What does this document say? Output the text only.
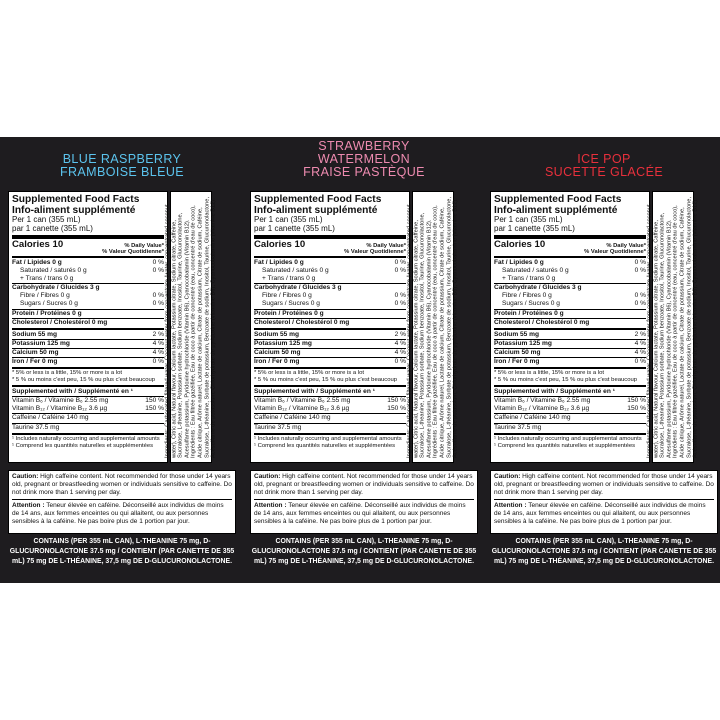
BLUE RASPBERRY
FRAMBOISE BLEUE
Supplemented Food Facts
Info-aliment supplémenté
Per 1 can (355 mL)
par 1 canette (355 mL)
Calories 10	% Daily Value*
% Valeur Quotidienne*
Fat / Lipides 0 g	0 %
Saturated / saturés 0 g	0 %
+ Trans / trans 0 g
Carbohydrate / Glucides 3 g
Fibre / Fibres 0 g	0 %
Sugars / Sucres 0 g	0 %
Protein / Protéines 0 g
Cholesterol / Cholestérol 0 mg
Sodium 55 mg	2 %
Potassium 125 mg	4 %
Calcium 50 mg	4 %
Iron / Fer 0 mg	0 %
* 5% or less is a little, 15% or more is a lot
* 5 % ou moins c'est peu, 15 % ou plus c'est beaucoup
Supplemented with / Supplémenté en ¹
Vitamin B₆ / Vitamine B₆ 2.55 mg	150 %
Vitamin B₁₂ / Vitamine B₁₂ 3.6 µg	150 %
Caffeine / Caféine 140 mg
Taurine 37.5 mg
¹ Includes naturally occurring and supplemental amounts
¹ Comprend les quantités naturelles et supplémentées	Ingredients: Carbonated filtered water, Coconut water from concentrate (water, concentrated coconut water), Citric acid, Natural flavour, Calcium lactate, Potassium citrate, Sodium citrate, Caffeine, Sucralose, L-theanine, Potassium sorbate, Sodium benzoate, Inositol, Taurine, Glucuronolactone, Acesulfame potassium, Pyridoxine hydrochloride (Vitamin B6), Cyanocobalamin (Vitamin B12). Ingrédients : Eau filtrée gazéifiée, Eau de coco à partir de concentré (eau, concentré d'eau de coco), Acide citrique, Arôme naturel, Lactate de calcium, Citrate de potassium, Citrate de sodium, Caféine, Sucralose, L-théanine, Sorbate de potassium, Benzoate de sodium, Inositol, Taurine, Glucuronolactone, Acésulfame de potassium, Chlorhydrate de pyridoxine (vitamine B6), Cyanocobalamine (vitamine B12).
Caution: High caffeine content. Not recommended for those under 14 years old, pregnant or breastfeeding women or individuals sensitive to caffeine. Do not drink more than 1 serving per day.
Attention : Teneur élevée en caféine. Déconseillé aux individus de moins de 14 ans, aux femmes enceintes ou qui allaitent, ou aux personnes sensibles à la caféine. Ne pas boire plus de 1 portion par jour.
CONTAINS (PER 355 mL CAN), L-THEANINE 75 mg, D-GLUCURONOLACTONE 37.5 mg / CONTIENT (PAR CANETTE DE 355 mL) 75 mg DE L-THÉANINE, 37,5 mg DE D-GLUCURONOLACTONE.
STRAWBERRY
WATERMELON
FRAISE PASTÈQUE
Supplemented Food Facts
Info-aliment supplémenté
Per 1 can (355 mL)
par 1 canette (355 mL)
Calories 10	% Daily Value*
% Valeur Quotidienne*
Fat / Lipides 0 g	0 %
Saturated / saturés 0 g	0 %
+ Trans / trans 0 g
Carbohydrate / Glucides 3 g
Fibre / Fibres 0 g	0 %
Sugars / Sucres 0 g	0 %
Protein / Protéines 0 g
Cholesterol / Cholestérol 0 mg
Sodium 55 mg	2 %
Potassium 125 mg	4 %
Calcium 50 mg	4 %
Iron / Fer 0 mg	0 %
* 5% or less is a little, 15% or more is a lot
* 5 % ou moins c'est peu, 15 % ou plus c'est beaucoup
Supplemented with / Supplémenté en ¹
Vitamin B₆ / Vitamine B₆ 2.55 mg	150 %
Vitamin B₁₂ / Vitamine B₁₂ 3.6 µg	150 %
Caffeine / Caféine 140 mg
Taurine 37.5 mg
¹ Includes naturally occurring and supplemental amounts
¹ Comprend les quantités naturelles et supplémentées	Ingredients: Carbonated filtered water, Coconut water from concentrate (water, concentrated coconut water), Citric acid, Natural flavour, Calcium lactate, Potassium citrate, Sodium citrate, Caffeine, Sucralose, L-theanine, Potassium sorbate, Sodium benzoate, Inositol, Taurine, Glucuronolactone, Acesulfame potassium, Pyridoxine hydrochloride (Vitamin B6), Cyanocobalamin (Vitamin B12). Ingrédients : Eau filtrée gazéifiée, Eau de coco à partir de concentré (eau, concentré d'eau de coco), Acide citrique, Arôme naturel, Lactate de calcium, Citrate de potassium, Citrate de sodium, Caféine, Sucralose, L-théanine, Sorbate de potassium, Benzoate de sodium, Inositol, Taurine, Glucuronolactone, Acésulfame de potassium, Chlorhydrate de pyridoxine (vitamine B6), Cyanocobalamine (vitamine B12).
Caution: High caffeine content. Not recommended for those under 14 years old, pregnant or breastfeeding women or individuals sensitive to caffeine. Do not drink more than 1 serving per day.
Attention : Teneur élevée en caféine. Déconseillé aux individus de moins de 14 ans, aux femmes enceintes ou qui allaitent, ou aux personnes sensibles à la caféine. Ne pas boire plus de 1 portion par jour.
CONTAINS (PER 355 mL CAN), L-THEANINE 75 mg, D-GLUCURONOLACTONE 37.5 mg / CONTIENT (PAR CANETTE DE 355 mL) 75 mg DE L-THÉANINE, 37,5 mg DE D-GLUCURONOLACTONE.
ICE POP
SUCETTE GLACÉE
Supplemented Food Facts
Info-aliment supplémenté
Per 1 can (355 mL)
par 1 canette (355 mL)
Calories 10	% Daily Value*
% Valeur Quotidienne*
Fat / Lipides 0 g	0 %
Saturated / saturés 0 g	0 %
+ Trans / trans 0 g
Carbohydrate / Glucides 3 g
Fibre / Fibres 0 g	0 %
Sugars / Sucres 0 g	0 %
Protein / Protéines 0 g
Cholesterol / Cholestérol 0 mg
Sodium 55 mg	2 %
Potassium 125 mg	4 %
Calcium 50 mg	4 %
Iron / Fer 0 mg	0 %
* 5% or less is a little, 15% or more is a lot
* 5 % ou moins c'est peu, 15 % ou plus c'est beaucoup
Supplemented with / Supplémenté en ¹
Vitamin B₆ / Vitamine B₆ 2.55 mg	150 %
Vitamin B₁₂ / Vitamine B₁₂ 3.6 µg	150 %
Caffeine / Caféine 140 mg
Taurine 37.5 mg
¹ Includes naturally occurring and supplemental amounts
¹ Comprend les quantités naturelles et supplémentées	Ingredients: Carbonated filtered water, Coconut water from concentrate (water, concentrated coconut water), Citric acid, Natural flavour, Calcium lactate, Potassium citrate, Sodium citrate, Caffeine, Sucralose, L-theanine, Potassium sorbate, Sodium benzoate, Inositol, Taurine, Glucuronolactone, Acesulfame potassium, Pyridoxine hydrochloride (Vitamin B6), Cyanocobalamin (Vitamin B12). Ingrédients : Eau filtrée gazéifiée, Eau de coco à partir de concentré (eau, concentré d'eau de coco), Acide citrique, Arôme naturel, Lactate de calcium, Citrate de potassium, Citrate de sodium, Caféine, Sucralose, L-théanine, Sorbate de potassium, Benzoate de sodium, Inositol, Taurine, Glucuronolactone, Acésulfame de potassium, Chlorhydrate de pyridoxine (vitamine B6), Cyanocobalamine (vitamine B12).
Caution: High caffeine content. Not recommended for those under 14 years old, pregnant or breastfeeding women or individuals sensitive to caffeine. Do not drink more than 1 serving per day.
Attention : Teneur élevée en caféine. Déconseillé aux individus de moins de 14 ans, aux femmes enceintes ou qui allaitent, ou aux personnes sensibles à la caféine. Ne pas boire plus de 1 portion par jour.
CONTAINS (PER 355 mL CAN), L-THEANINE 75 mg, D-GLUCURONOLACTONE 37.5 mg / CONTIENT (PAR CANETTE DE 355 mL) 75 mg DE L-THÉANINE, 37,5 mg DE D-GLUCURONOLACTONE.
